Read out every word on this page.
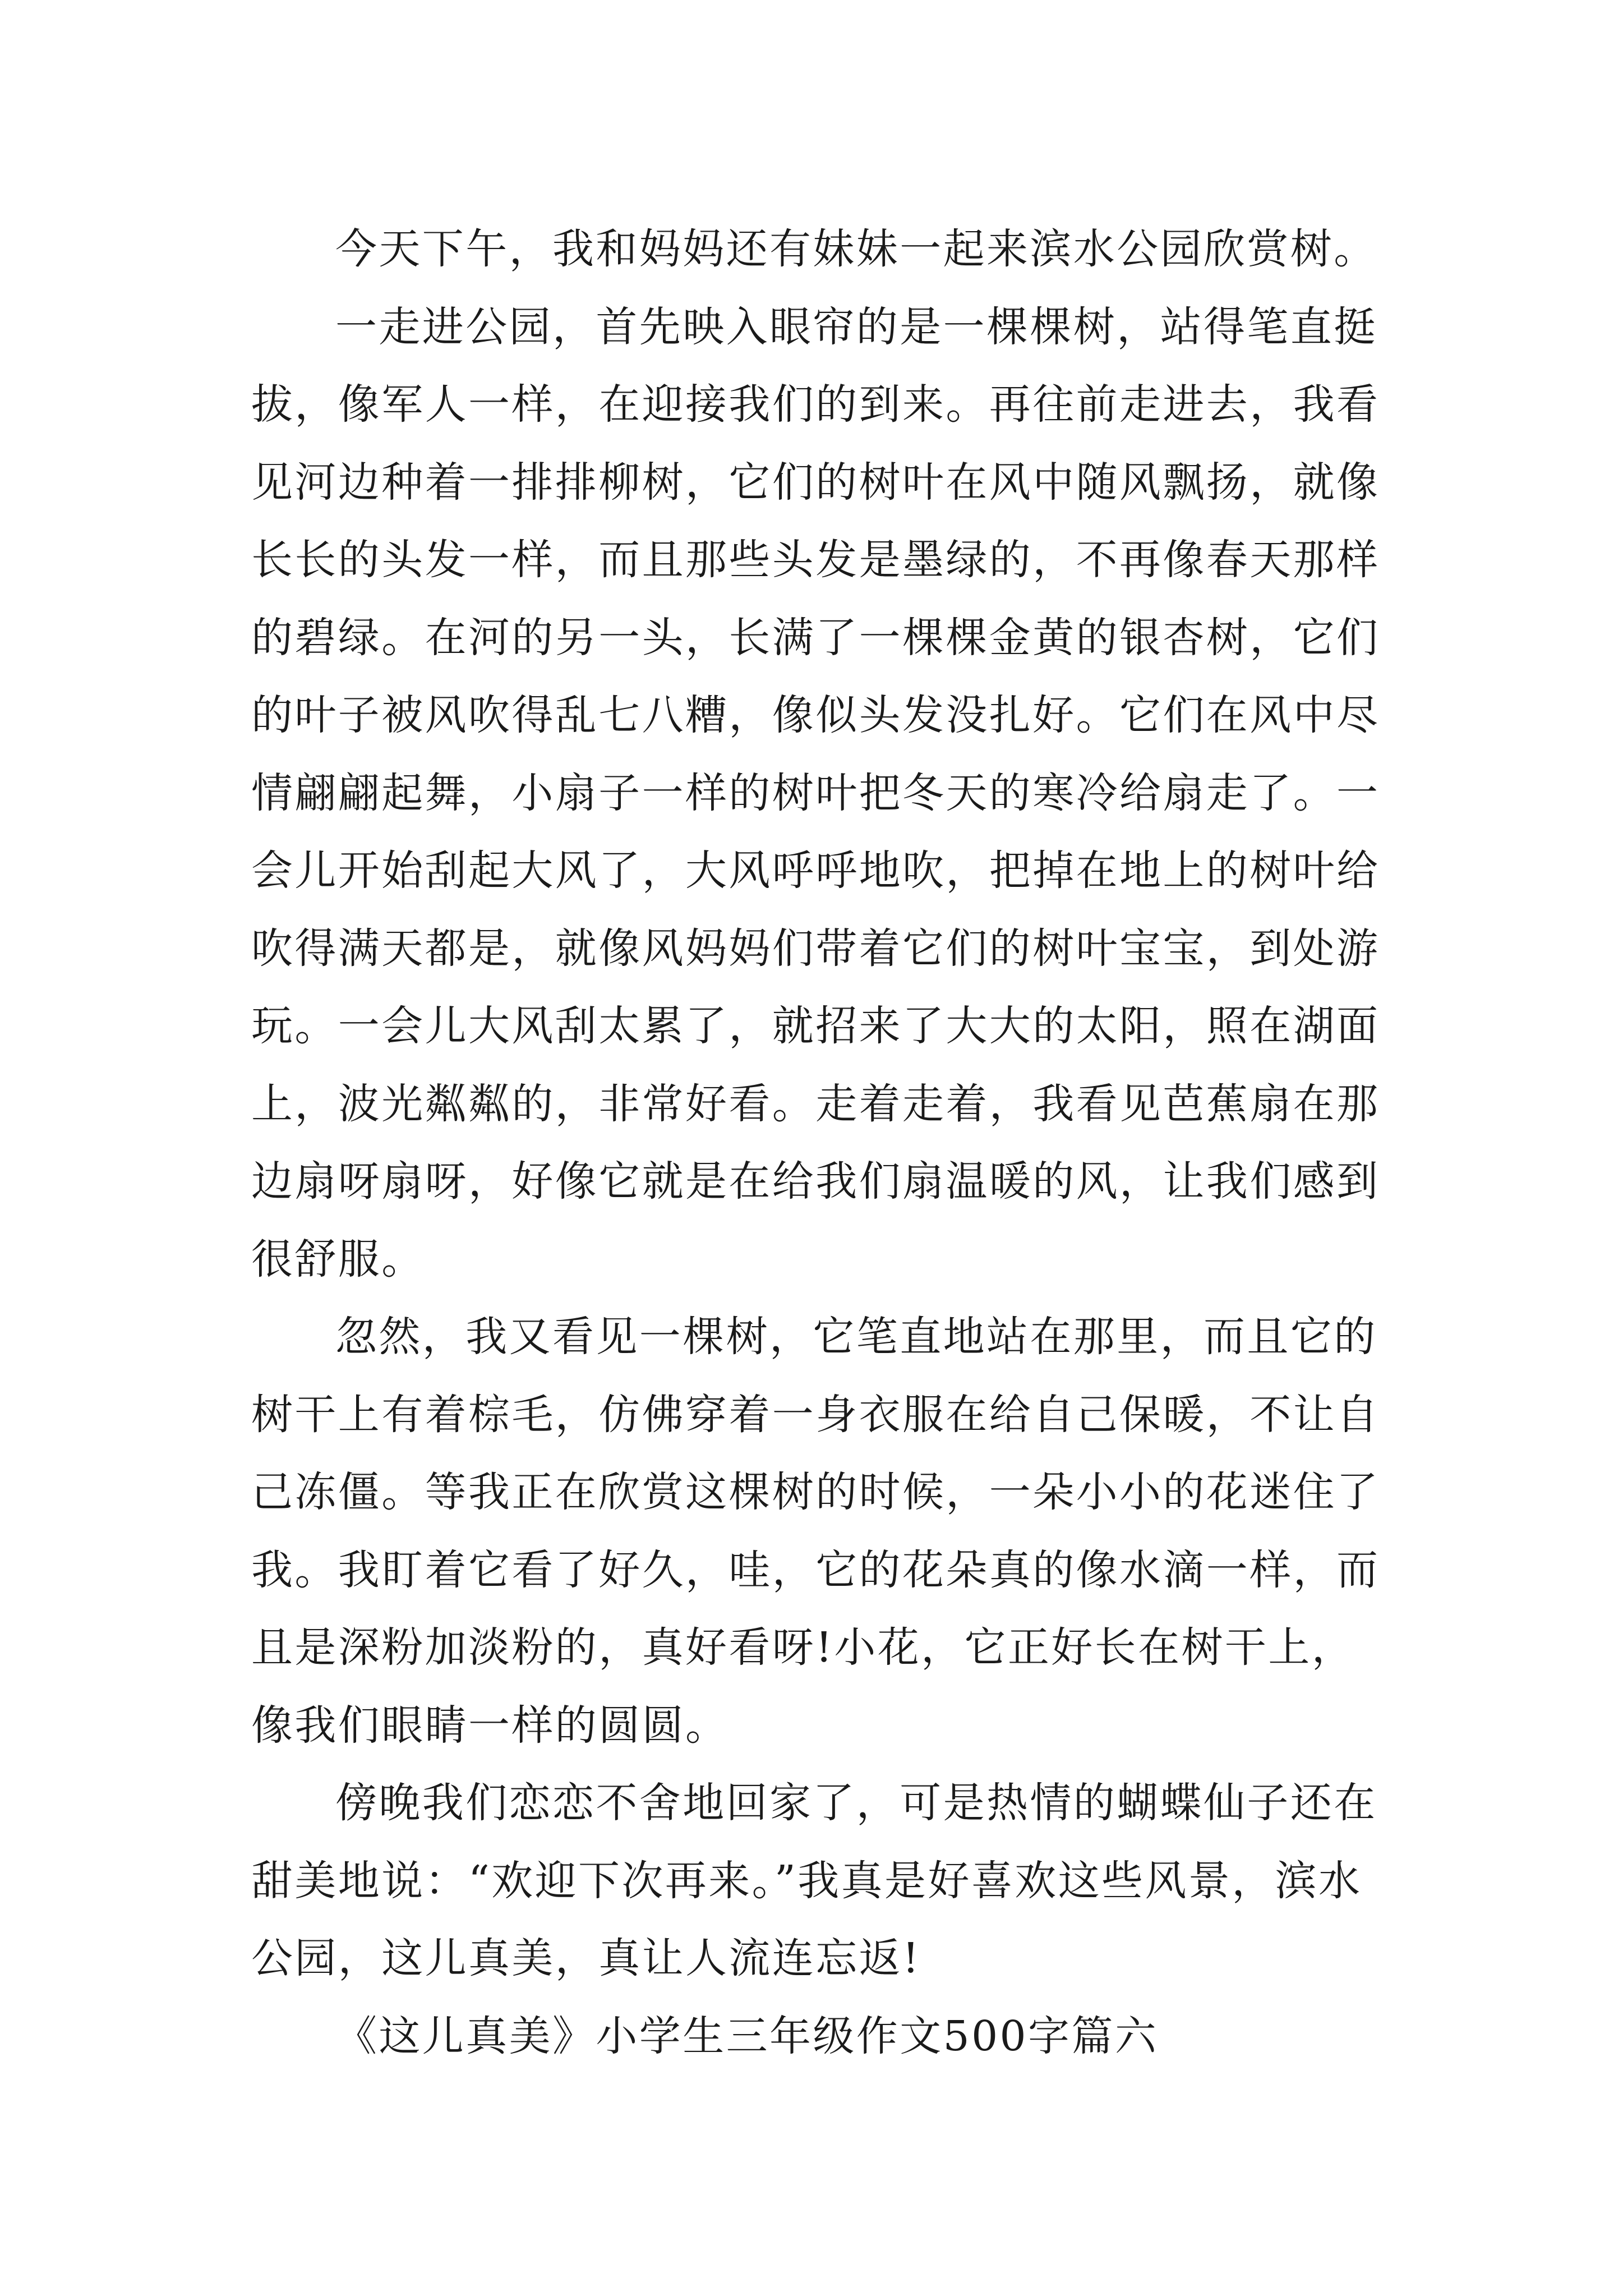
今天下午，我和妈妈还有妹妹一起来滨水公园欣赏树。

一走进公园，首先映入眼帘的是一棵棵树，站得笔直挺拔，像军人一样，在迎接我们的到来。再往前走进去，我看见河边种着一排排柳树，它们的树叶在风中随风飘扬，就像长长的头发一样，而且那些头发是墨绿的，不再像春天那样的碧绿。在河的另一头，长满了一棵棵金黄的银杏树，它们的叶子被风吹得乱七八糟，像似头发没扎好。它们在风中尽情翩翩起舞，小扇子一样的树叶把冬天的寒冷给扇走了。一会儿开始刮起大风了，大风呼呼地吹，把掉在地上的树叶给吹得满天都是，就像风妈妈们带着它们的树叶宝宝，到处游玩。一会儿大风刮太累了，就招来了大大的太阳，照在湖面上，波光粼粼的，非常好看。走着走着，我看见芭蕉扇在那边扇呀扇呀，好像它就是在给我们扇温暖的风，让我们感到很舒服。

忽然，我又看见一棵树，它笔直地站在那里，而且它的树干上有着棕毛，仿佛穿着一身衣服在给自己保暖，不让自己冻僵。等我正在欣赏这棵树的时候，一朵小小的花迷住了我。我盯着它看了好久，哇，它的花朵真的像水滴一样，而且是深粉加淡粉的，真好看呀!小花，它正好长在树干上，像我们眼睛一样的圆圆。

傍晚我们恋恋不舍地回家了，可是热情的蝴蝶仙子还在甜美地说：“欢迎下次再来。”我真是好喜欢这些风景，滨水公园，这儿真美，真让人流连忘返!

《这儿真美》小学生三年级作文500字篇六
